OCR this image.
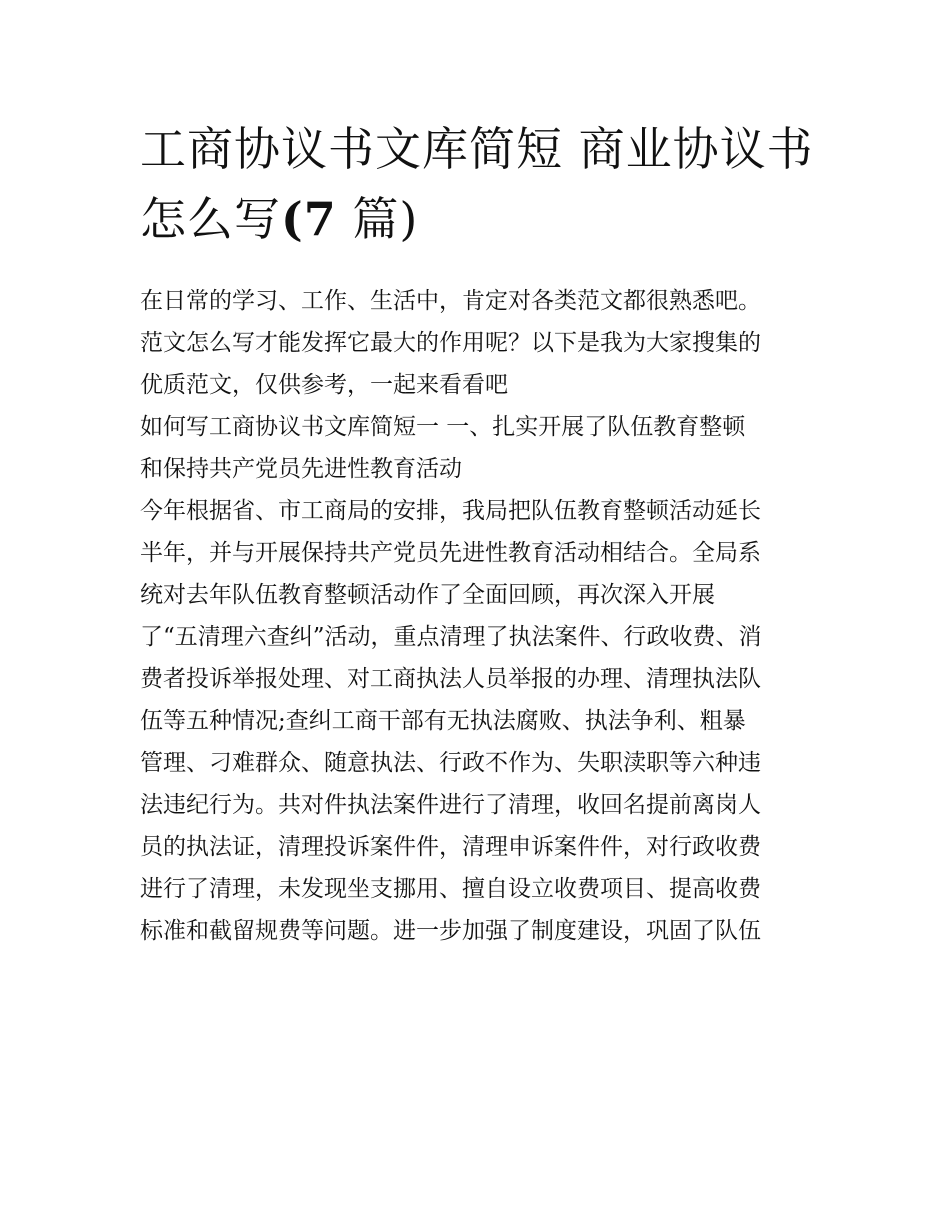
工商协议书文库简短 商业协议书怎么写(7 篇)
在日常的学习、工作、生活中，肯定对各类范文都很熟悉吧。
范文怎么写才能发挥它最大的作用呢？以下是我为大家搜集的
优质范文，仅供参考，一起来看看吧
如何写工商协议书文库简短一 一、扎实开展了队伍教育整顿
和保持共产党员先进性教育活动
今年根据省、市工商局的安排，我局把队伍教育整顿活动延长
半年，并与开展保持共产党员先进性教育活动相结合。全局系
统对去年队伍教育整顿活动作了全面回顾，再次深入开展
了“五清理六查纠”活动，重点清理了执法案件、行政收费、消
费者投诉举报处理、对工商执法人员举报的办理、清理执法队
伍等五种情况;查纠工商干部有无执法腐败、执法争利、粗暴
管理、刁难群众、随意执法、行政不作为、失职渎职等六种违
法违纪行为。共对件执法案件进行了清理，收回名提前离岗人
员的执法证，清理投诉案件件，清理申诉案件件，对行政收费
进行了清理，未发现坐支挪用、擅自设立收费项目、提高收费
标准和截留规费等问题。进一步加强了制度建设，巩固了队伍
